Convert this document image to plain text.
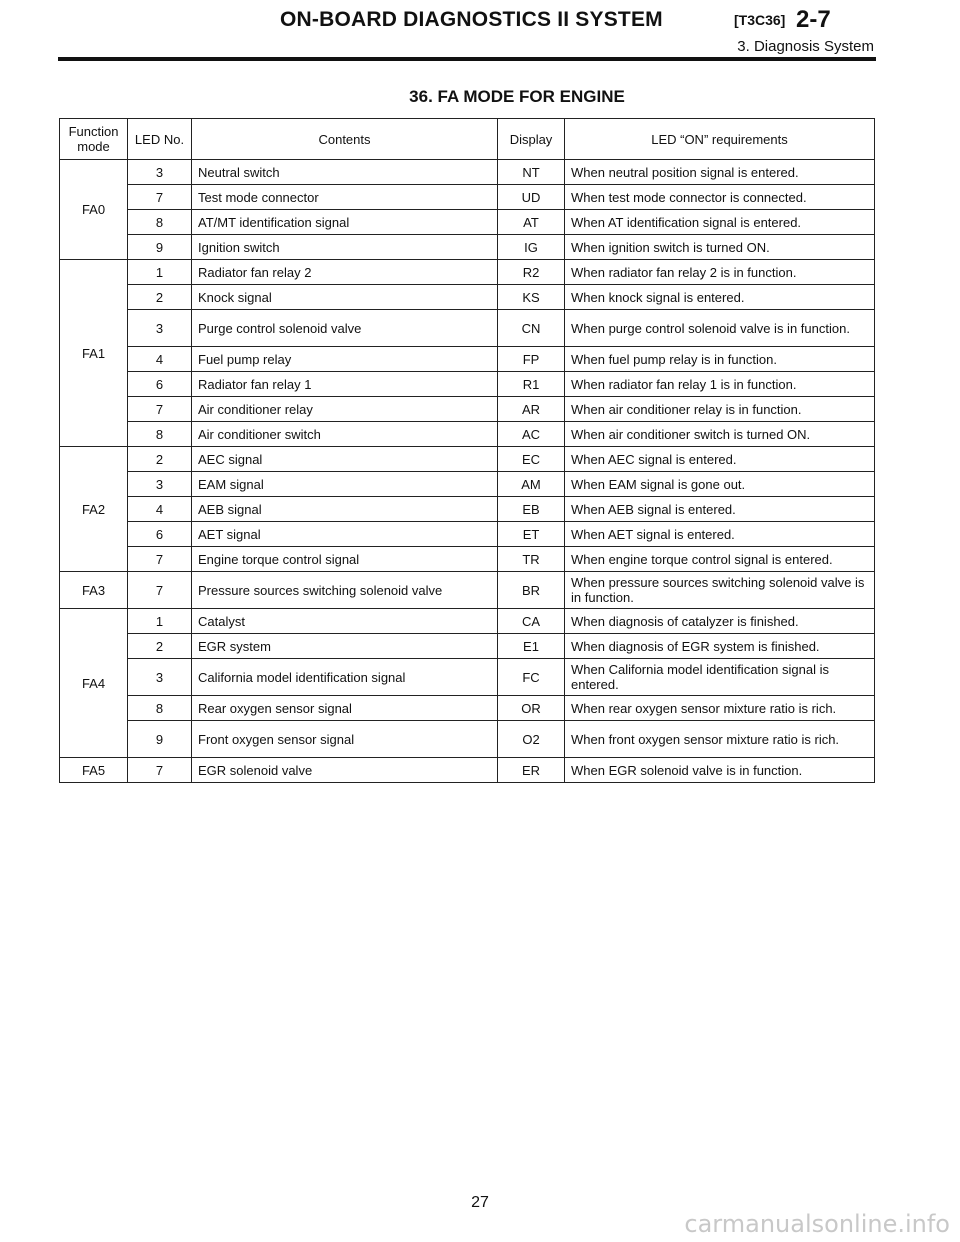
ON-BOARD DIAGNOSTICS II SYSTEM	[T3C36] 2-7
3. Diagnosis System
36. FA MODE FOR ENGINE
Function mode	LED No.	Contents	Display	LED “ON” requirements
FA0	3	Neutral switch	NT	When neutral position signal is entered.
	7	Test mode connector	UD	When test mode connector is connected.
	8	AT/MT identification signal	AT	When AT identification signal is entered.
	9	Ignition switch	IG	When ignition switch is turned ON.
FA1	1	Radiator fan relay 2	R2	When radiator fan relay 2 is in function.
	2	Knock signal	KS	When knock signal is entered.
	3	Purge control solenoid valve	CN	When purge control solenoid valve is in function.
	4	Fuel pump relay	FP	When fuel pump relay is in function.
	6	Radiator fan relay 1	R1	When radiator fan relay 1 is in function.
	7	Air conditioner relay	AR	When air conditioner relay is in function.
	8	Air conditioner switch	AC	When air conditioner switch is turned ON.
FA2	2	AEC signal	EC	When AEC signal is entered.
	3	EAM signal	AM	When EAM signal is gone out.
	4	AEB signal	EB	When AEB signal is entered.
	6	AET signal	ET	When AET signal is entered.
	7	Engine torque control signal	TR	When engine torque control signal is entered.
FA3	7	Pressure sources switching solenoid valve	BR	When pressure sources switching solenoid valve is in function.
FA4	1	Catalyst	CA	When diagnosis of catalyzer is finished.
	2	EGR system	E1	When diagnosis of EGR system is finished.
	3	California model identification signal	FC	When California model identification signal is entered.
	8	Rear oxygen sensor signal	OR	When rear oxygen sensor mixture ratio is rich.
	9	Front oxygen sensor signal	O2	When front oxygen sensor mixture ratio is rich.
FA5	7	EGR solenoid valve	ER	When EGR solenoid valve is in function.
27
carmanualsonline.info
